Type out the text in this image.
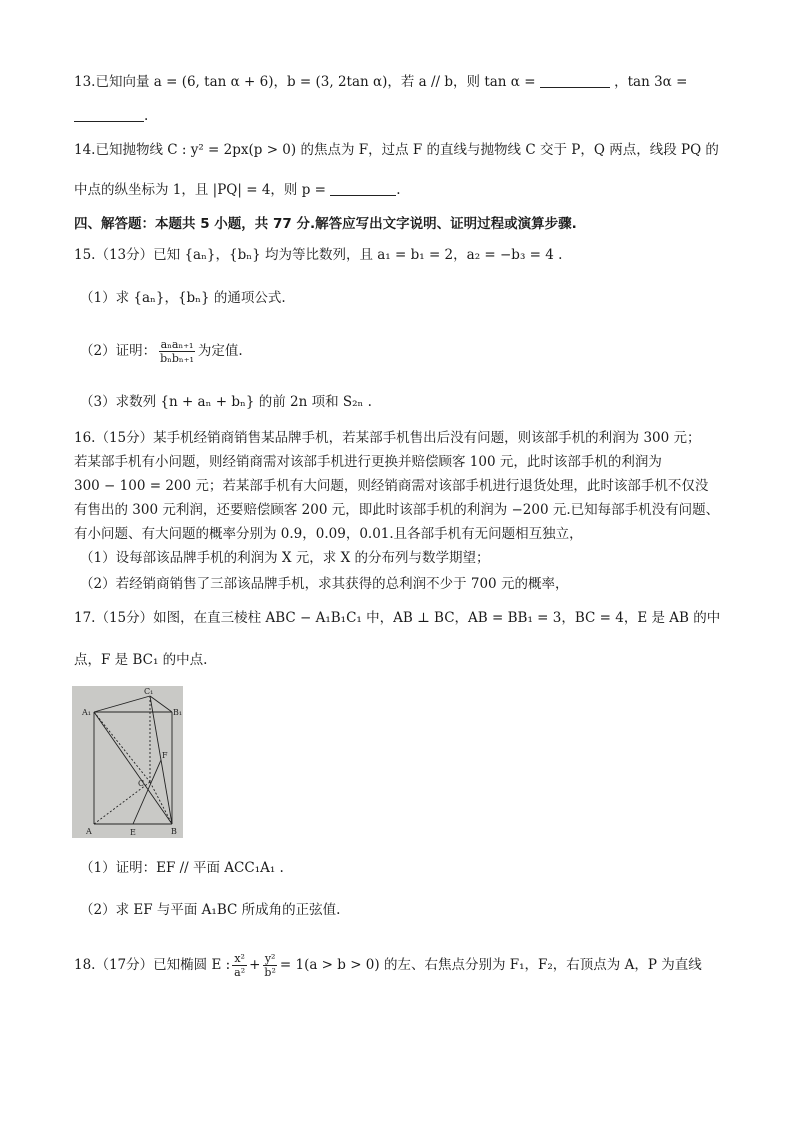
13.已知向量 a = (6, tan α + 6)，b = (3, 2tan α)，若 a // b，则 tan α =	，tan 3α =
.
14.已知抛物线 C : y² = 2px(p > 0) 的焦点为 F，过点 F 的直线与抛物线 C 交于 P，Q 两点，线段 PQ 的
中点的纵坐标为 1，且 |PQ| = 4，则 p =	.
四、解答题：本题共 5 小题，共 77 分.解答应写出文字说明、证明过程或演算步骤.
15.（13分）已知 {aₙ}，{bₙ} 均为等比数列，且 a₁ = b₁ = 2，a₂ = −b₃ = 4 .
（1）求 {aₙ}，{bₙ} 的通项公式.
（2）证明： $\frac{\text{aₙaₙ₊₁}}{\text{bₙbₙ₊₁}}$ 为定值.
（3）求数列 {n + aₙ + bₙ} 的前 2n 项和 S₂ₙ .
16.（15分）某手机经销商销售某品牌手机，若某部手机售出后没有问题，则该部手机的利润为 300 元；
若某部手机有小问题，则经销商需对该部手机进行更换并赔偿顾客 100 元，此时该部手机的利润为
300 − 100 = 200 元；若某部手机有大问题，则经销商需对该部手机进行退货处理，此时该部手机不仅没
有售出的 300 元利润，还要赔偿顾客 200 元，即此时该部手机的利润为 −200 元.已知每部手机没有问题、
有小问题、有大问题的概率分别为 0.9，0.09，0.01.且各部手机有无问题相互独立，
（1）设每部该品牌手机的利润为 X 元，求 X 的分布列与数学期望；
（2）若经销商销售了三部该品牌手机，求其获得的总利润不少于 700 元的概率，
17.（15分）如图，在直三棱柱 ABC − A₁B₁C₁ 中，AB ⊥ BC，AB = BB₁ = 3，BC = 4，E 是 AB 的中
点，F 是 BC₁ 的中点.
C₁
A₁	B₁
C
F
A	E	B
（1）证明：EF // 平面 ACC₁A₁ .
（2）求 EF 与平面 A₁BC 所成角的正弦值.
18.（17分）已知椭圆 E : $\frac{\text{x²}}{\text{a²}} + \frac{\text{y²}}{\text{b²}} = 1(a > b > 0)$ 的左、右焦点分别为 F₁，F₂，右顶点为 A，P 为直线
